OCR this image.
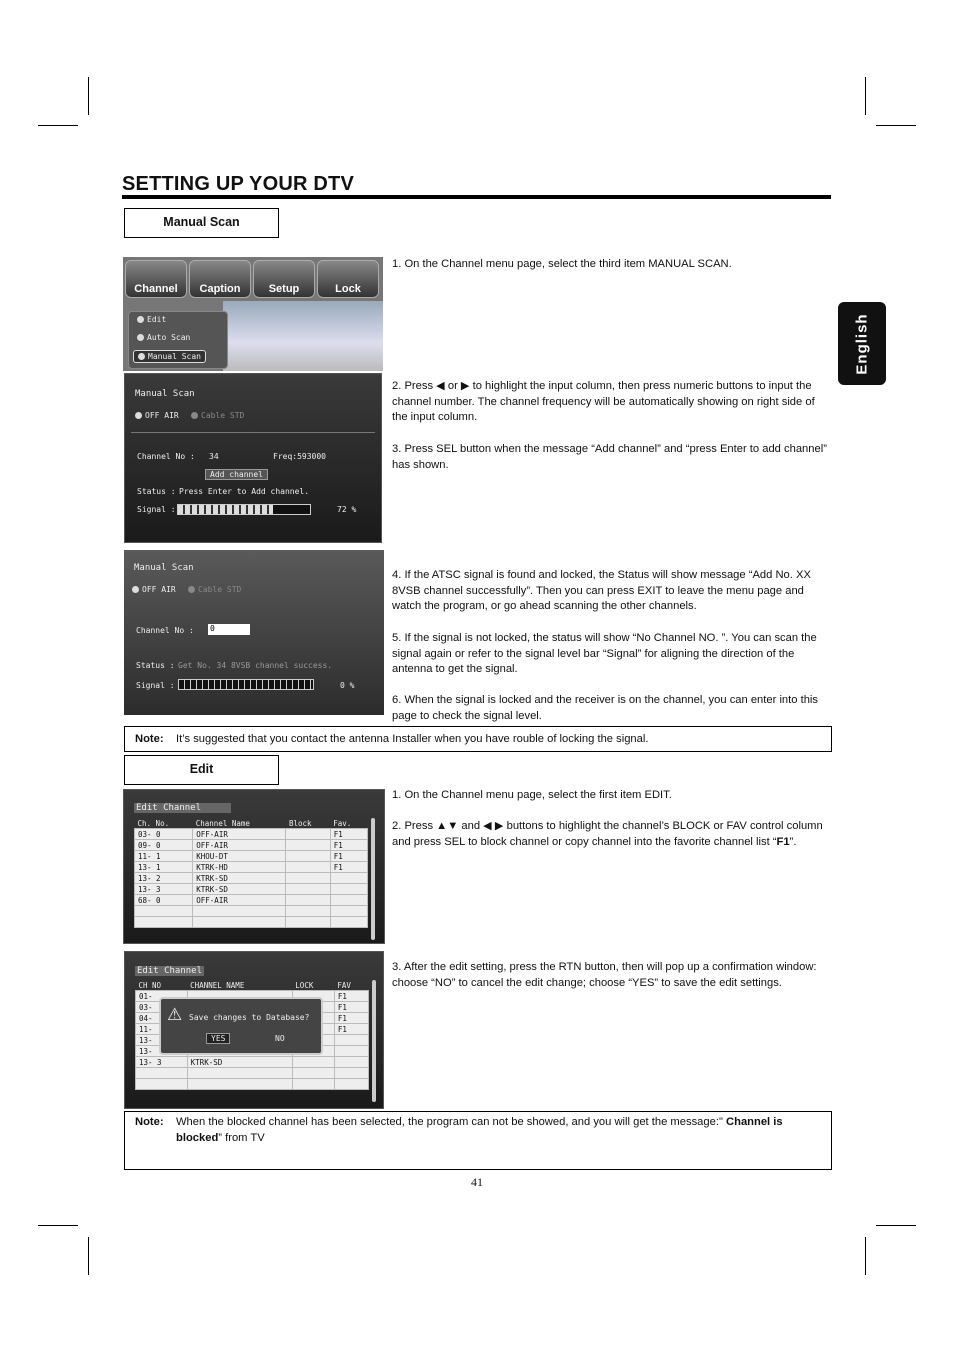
SETTING UP YOUR DTV
English
Manual Scan
Channel	Caption	Setup	Lock
Edit
Auto Scan
Manual Scan
Manual Scan
OFF AIR	Cable STD
Channel No : 34	Freq:593000
Add channel
Status : Press Enter to Add channel.
Signal :	72 %
Manual Scan
OFF AIR	Cable STD
Channel No : 0
Status : Get No. 34 8VSB channel success.
Signal :	0 %
1. On the Channel menu page, select the third item MANUAL SCAN.
2. Press ◀ or ▶ to highlight the input column, then press numeric buttons to input the channel number. The channel frequency will be automatically showing on right side of the input column.
3. Press SEL button when the message “Add channel” and “press Enter to add channel” has shown.
4. If the ATSC signal is found and locked, the Status will show message “Add No. XX 8VSB channel successfully”. Then you can press EXIT to leave the menu page and watch the program, or go ahead scanning the other channels.
5. If the signal is not locked, the status will show “No Channel NO. ”. You can scan the signal again or refer to the signal level bar “Signal” for aligning the direction of the antenna to get the signal.
6. When the signal is locked and the receiver is on the channel, you can enter into this page to check the signal level.
Note: It’s suggested that you contact the antenna Installer when you have rouble of locking the signal.
Edit
Edit Channel
Ch. No.	Channel Name	Block	Fav.
03- 0	OFF-AIR		F1
09- 0	OFF-AIR		F1
11- 1	KHOU-DT		F1
13- 1	KTRK-HD		F1
13- 2	KTRK-SD		
13- 3	KTRK-SD		
68- 0	OFF-AIR		

Edit Channel
CH NO	CHANNEL NAME	LOCK	FAV
01-			F1
03-			F1
04-			F1
11-			F1
13-			
13-			
13- 3	KTRK-SD		

⚠ Save changes to Database?
YES	NO
1. On the Channel menu page, select the first item EDIT.
2. Press ▲▼ and ◀ ▶ buttons to highlight the channel’s BLOCK or FAV control column and press SEL to block channel or copy channel into the favorite channel list “F1”.
3. After the edit setting, press the RTN button, then will pop up a confirmation window: choose “NO” to cancel the edit change; choose “YES” to save the edit settings.
Note: When the blocked channel has been selected, the program can not be showed, and you will get the message:" Channel is blocked” from TV
41
